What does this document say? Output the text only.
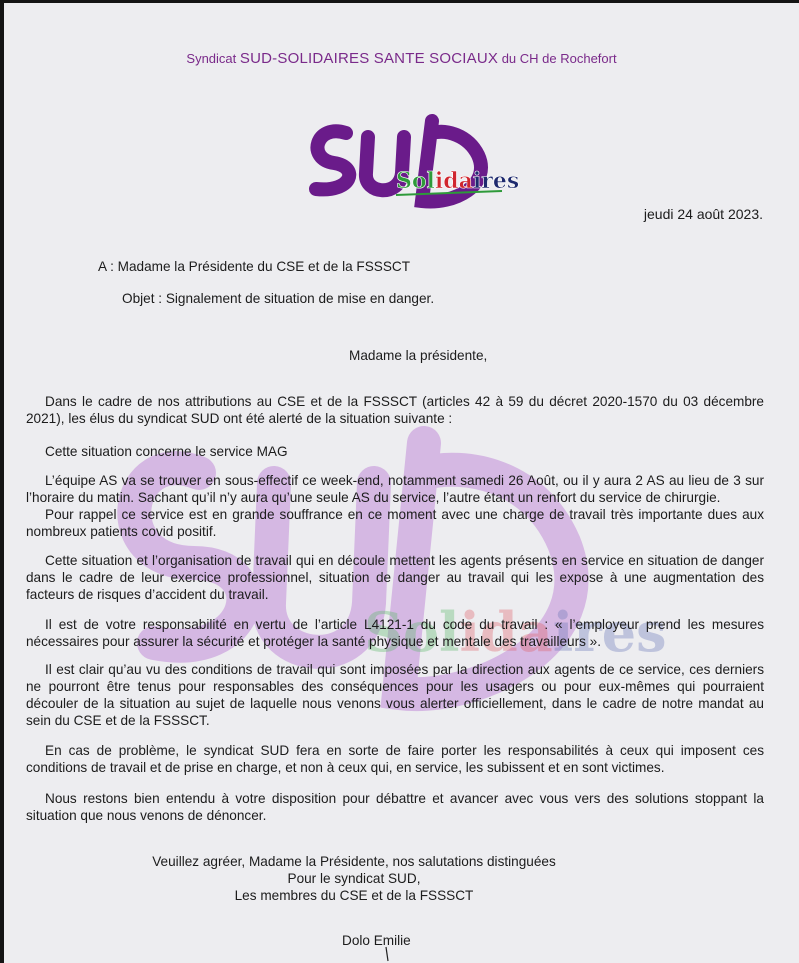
Solidaires
Syndicat SUD-SOLIDAIRES SANTE SOCIAUX du CH de Rochefort
Solidaires
jeudi 24 août 2023.
A : Madame la Présidente du CSE et de la FSSSCT
Objet : Signalement de situation de mise en danger.
Madame la présidente,
Dans le cadre de nos attributions au CSE et de la FSSSCT (articles 42 à 59 du décret 2020-1570 du 03 décembre 2021), les élus du syndicat SUD ont été alerté de la situation suivante :
Cette situation concerne le service MAG
L’équipe AS va se trouver en sous-effectif ce week-end, notamment samedi 26 Août, ou il y aura 2 AS au lieu de 3 sur l’horaire du matin. Sachant qu’il n’y aura qu’une seule AS du service, l’autre étant un renfort du service de chirurgie.
Pour rappel ce service est en grande souffrance en ce moment avec une charge de travail très importante dues aux nombreux patients covid positif.
Cette situation et l’organisation de travail qui en découle mettent les agents présents en service en situation de danger dans le cadre de leur exercice professionnel, situation de danger au travail qui les expose à une augmentation des facteurs de risques d’accident du travail.
Il est de votre responsabilité en vertu de l’article L4121-1 du code du travail : « l’employeur prend les mesures nécessaires pour assurer la sécurité et protéger la santé physique et mentale des travailleurs ».
Il est clair qu’au vu des conditions de travail qui sont imposées par la direction aux agents de ce service, ces derniers ne pourront être tenus pour responsables des conséquences pour les usagers ou pour eux-mêmes qui pourraient découler de la situation au sujet de laquelle nous venons vous alerter officiellement, dans le cadre de notre mandat au sein du CSE et de la FSSSCT.
En cas de problème, le syndicat SUD fera en sorte de faire porter les responsabilités à ceux qui imposent ces conditions de travail et de prise en charge, et non à ceux qui, en service, les subissent et en sont victimes.
Nous restons bien entendu à votre disposition pour débattre et avancer avec vous vers des solutions stoppant la situation que nous venons de dénoncer.
Veuillez agréer, Madame la Présidente, nos salutations distinguées
Pour le syndicat SUD,
Les membres du CSE et de la FSSSCT
Dolo Emilie
